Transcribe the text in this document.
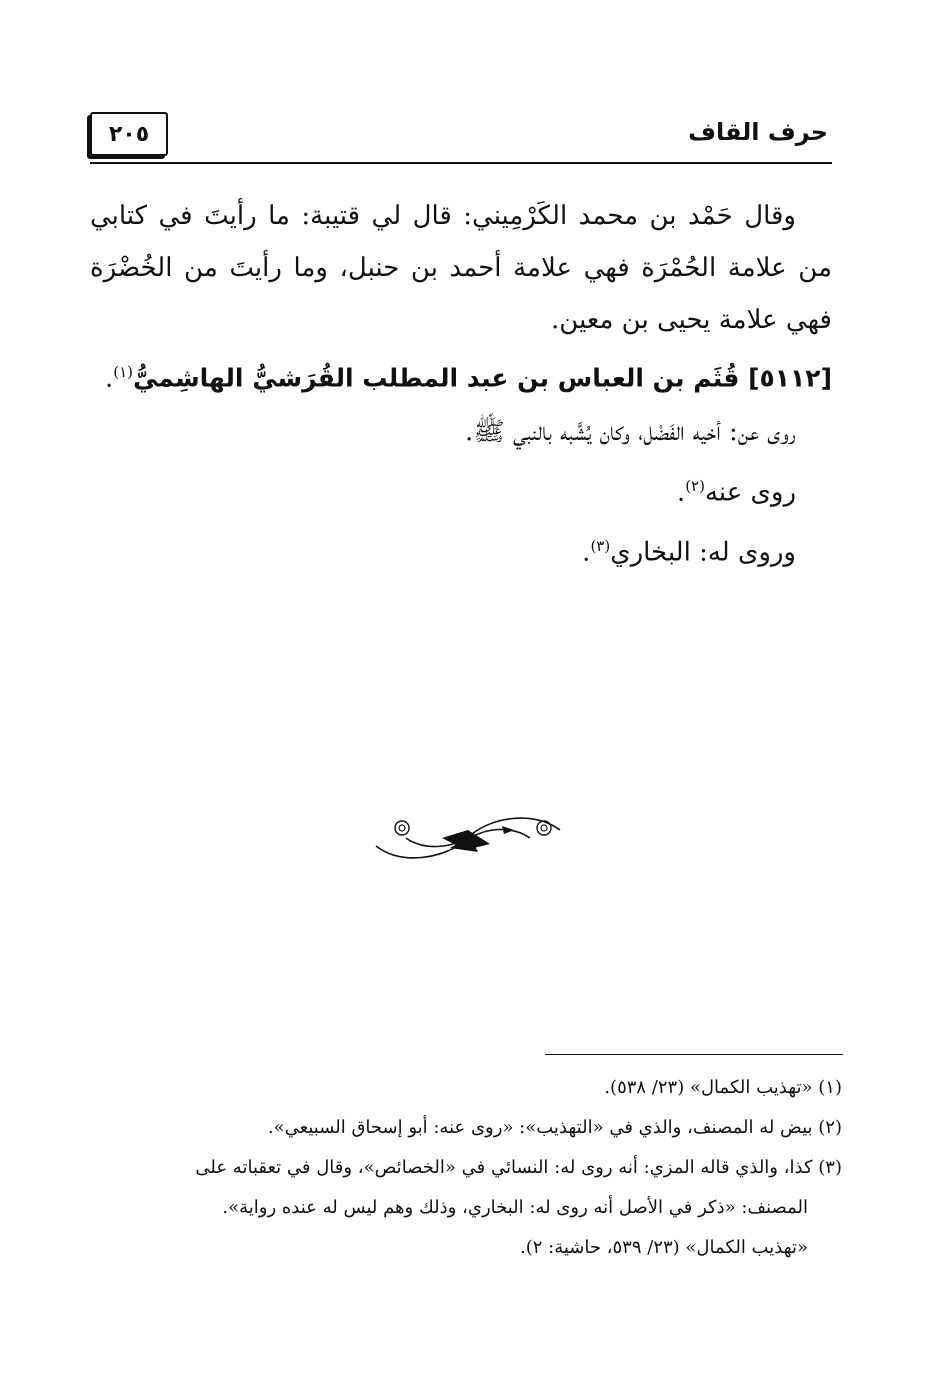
حرف القاف
٢٠٥

وقال حَمْد بن محمد الكَرْمِيني: قال لي قتيبة: ما رأيتَ في كتابي من علامة الحُمْرَة فهي علامة أحمد بن حنبل، وما رأيتَ من الخُضْرَة فهي علامة يحيى بن معين.

[٥١١٢] قُثَم بن العباس بن عبد المطلب القُرَشيُّ الهاشِميُّ$^{(١)}$.

روى عن: أخيه الفَضْل، وكان يُشَّبه بالنبي ﷺ.

روى عنه$^{(٢)}$.

وروى له: البخاري$^{(٣)}$.

(١) «تهذيب الكمال» (٢٣/ ٥٣٨).

(٢) بيض له المصنف، والذي في «التهذيب»: «روى عنه: أبو إسحاق السبيعي».

(٣) كذا، والذي قاله المزي: أنه روى له: النسائي في «الخصائص»، وقال في تعقباته على

المصنف: «ذكر في الأصل أنه روى له: البخاري، وذلك وهم ليس له عنده رواية».

«تهذيب الكمال» (٢٣/ ٥٣٩، حاشية: ٢).
